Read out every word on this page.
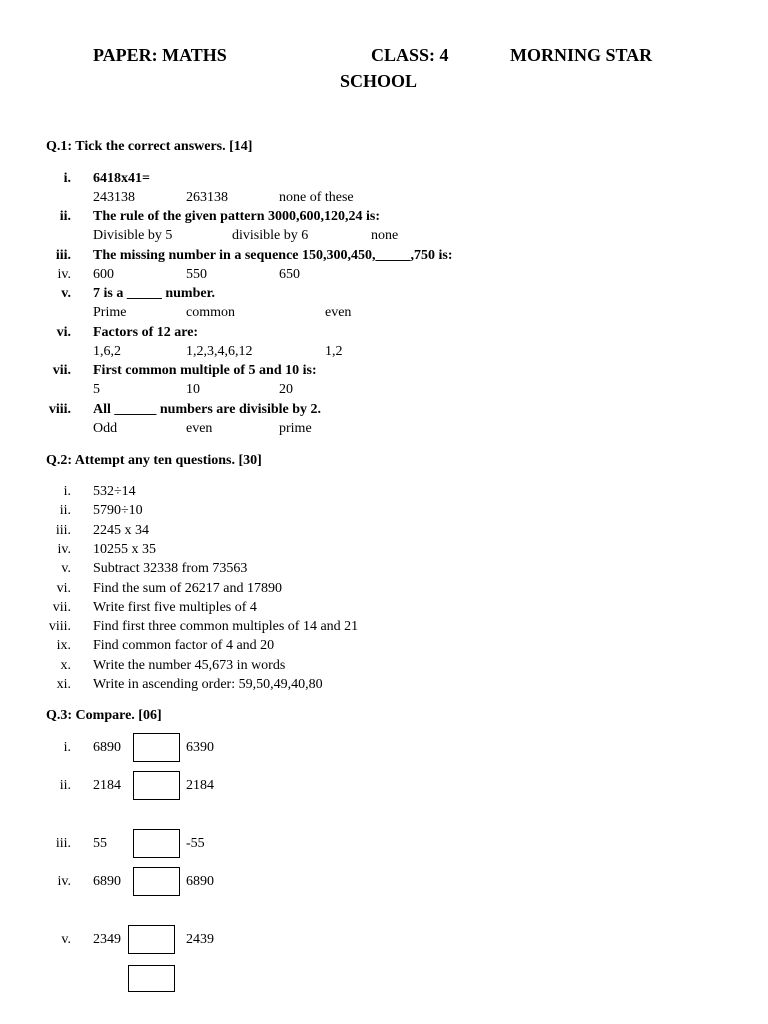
PAPER: MATHS	CLASS: 4	MORNING STAR
SCHOOL
Q.1: Tick the correct answers. [14]
i. 6418x41=
243138	263138	none of these
ii. The rule of the given pattern 3000,600,120,24 is:
Divisible by 5	divisible by 6	none
iii. The missing number in a sequence 150,300,450,_____,750 is:
iv. 600	550	650
v. 7 is a _____ number.
Prime	common	even
vi. Factors of 12 are:
1,6,2	1,2,3,4,6,12	1,2
vii. First common multiple of 5 and 10 is:
5	10	20
viii. All ______ numbers are divisible by 2.
Odd	even	prime
Q.2: Attempt any ten questions. [30]
i. 532÷14
ii. 5790÷10
iii. 2245 x 34
iv. 10255 x 35
v. Subtract 32338 from 73563
vi. Find the sum of 26217 and 17890
vii. Write first five multiples of 4
viii. Find first three common multiples of 14 and 21
ix. Find common factor of 4 and 20
x. Write the number 45,673 in words
xi. Write in ascending order: 59,50,49,40,80
Q.3: Compare. [06]
i. 6890	6390
ii. 2184	2184
iii. 55	-55
iv. 6890	6890
v. 2349	2439
